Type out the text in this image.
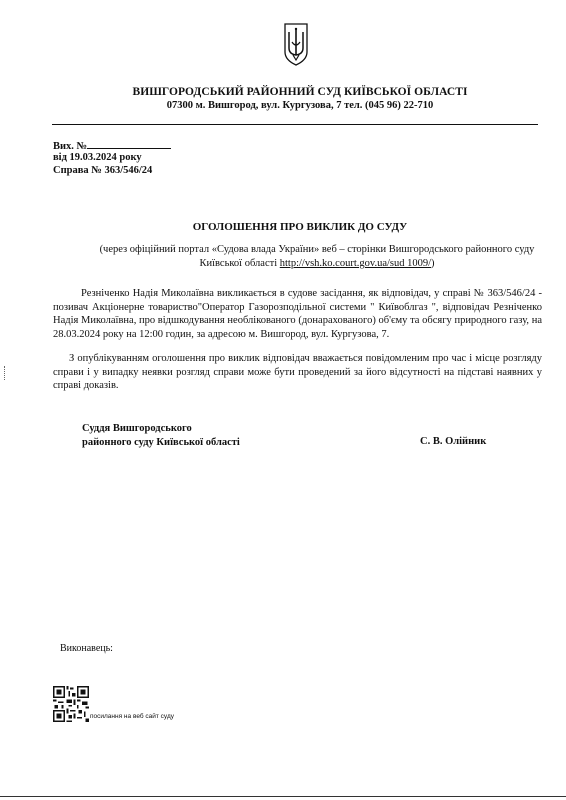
ВИШГОРОДСЬКИЙ РАЙОННИЙ СУД КИЇВСЬКОЇ ОБЛАСТІ
07300 м. Вишгород, вул. Кургузова, 7 тел. (045 96) 22-710
Вих. №
від 19.03.2024 року
Справа № 363/546/24
ОГОЛОШЕННЯ ПРО ВИКЛИК ДО СУДУ
(через офіційний портал «Судова влада України» веб – сторінки Вишгородського районного суду Київської області http://vsh.ko.court.gov.ua/sud 1009/)
Резніченко Надія Миколаївна викликається в судове засідання, як відповідач, у справі № 363/546/24 - позивач Акціонерне товариство"Оператор Газорозподільної системи " Київоблгаз ", відповідач Резніченко Надія Миколаївна, про відшкодування необлікованого (донарахованого) об'єму та обсягу природного газу, на 28.03.2024 року на 12:00 годин, за адресою м. Вишгород, вул. Кургузова, 7.
З опублікуванням оголошення про виклик відповідач вважається повідомленим про час і місце розгляду справи і у випадку неявки розгляд справи може бути проведений за його відсутності на підставі наявних у справі доказів.
Суддя Вишгородського
районного суду Київської області	С. В. Олійник
Виконавець:
посилання на веб сайт суду
